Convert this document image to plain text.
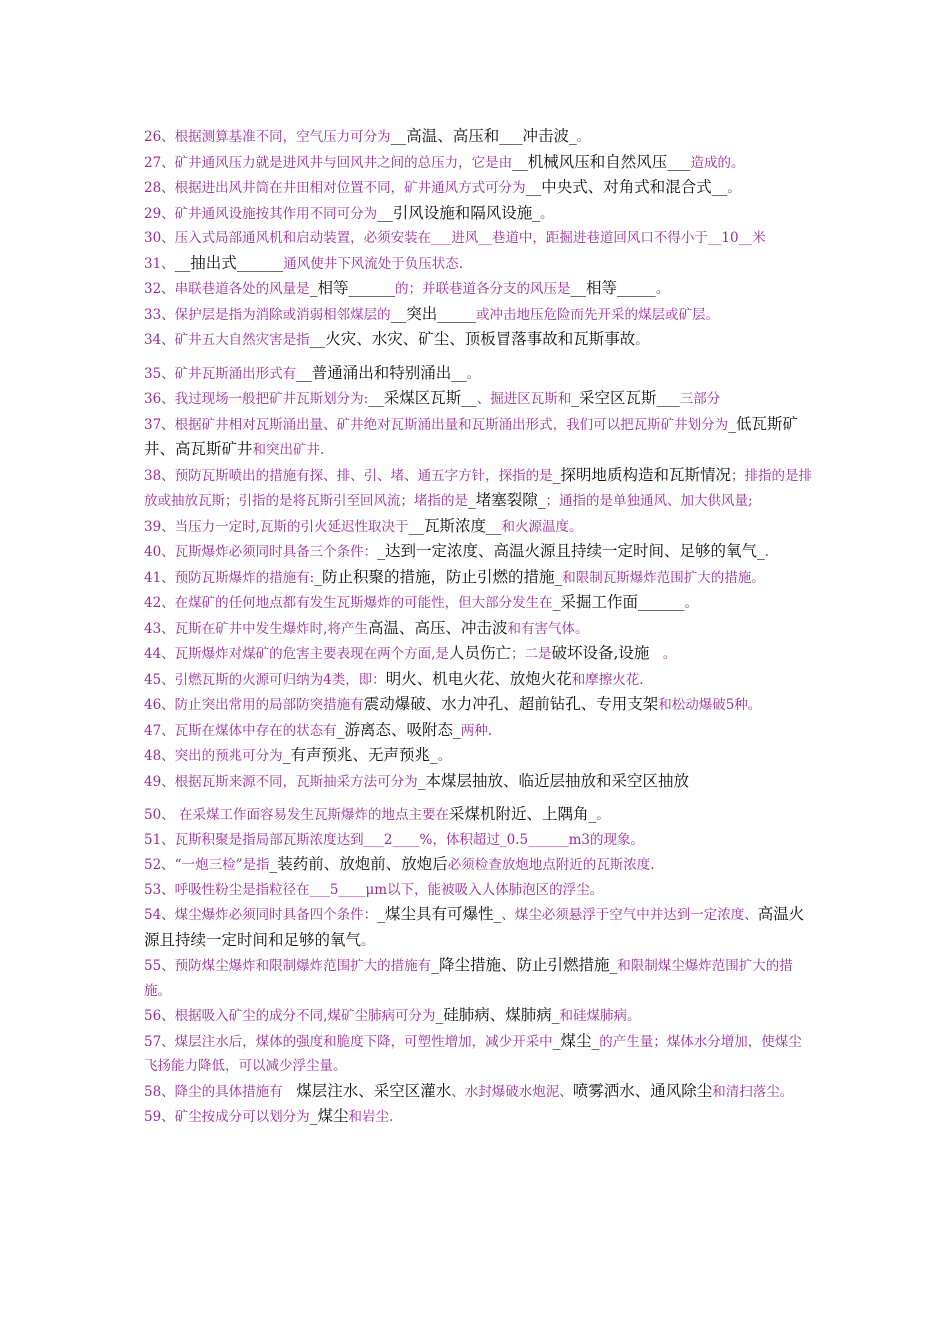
26、根据测算基准不同，空气压力可分为__高温、高压和___冲击波_。

27、矿井通风压力就是进风井与回风井之间的总压力，它是由__机械风压和自然风压___造成的。

28、根据进出风井筒在井田相对位置不同，矿井通风方式可分为__中央式、对角式和混合式__。

29、矿井通风设施按其作用不同可分为__引风设施和隔风设施_。

30、压入式局部通风机和启动装置，必须安装在___进风__巷道中，距掘进巷道回风口不得小于__10__米

31、__抽出式______通风使井下风流处于负压状态.

32、串联巷道各处的风量是_相等______的；并联巷道各分支的风压是__相等_____。

33、保护层是指为消除或消弱相邻煤层的__突出_____或冲击地压危险而先开采的煤层或矿层。

34、矿井五大自然灾害是指__火灾、水灾、矿尘、顶板冒落事故和瓦斯事故。

35、矿井瓦斯涌出形式有__普通涌出和特别涌出__。

36、我过现场一般把矿井瓦斯划分为:__采煤区瓦斯__、掘进区瓦斯和_采空区瓦斯___三部分

37、根据矿井相对瓦斯涌出量、矿井绝对瓦斯涌出量和瓦斯涌出形式，我们可以把瓦斯矿井划分为_低瓦斯矿井、高瓦斯矿井和突出矿井.

38、预防瓦斯喷出的措施有探、排、引、堵、通五字方针，探指的是_探明地质构造和瓦斯情况；排指的是排放或抽放瓦斯；引指的是将瓦斯引至回风流；堵指的是_堵塞裂隙_；通指的是单独通风、加大供风量;

39、当压力一定时,瓦斯的引火延迟性取决于__瓦斯浓度__和火源温度。

40、瓦斯爆炸必须同时具备三个条件：_达到一定浓度、高温火源且持续一定时间、足够的氧气_.

41、预防瓦斯爆炸的措施有:_防止积聚的措施，防止引燃的措施_和限制瓦斯爆炸范围扩大的措施。

42、在煤矿的任何地点都有发生瓦斯爆炸的可能性，但大部分发生在_采掘工作面______。

43、瓦斯在矿井中发生爆炸时,将产生高温、高压、冲击波和有害气体。

44、瓦斯爆炸对煤矿的危害主要表现在两个方面,是人员伤亡；二是破坏设备,设施　。

45、引燃瓦斯的火源可归纳为4类，即：明火、机电火花、放炮火花和摩擦火花.

46、防止突出常用的局部防突措施有震动爆破、水力冲孔、超前钻孔、专用支架和松动爆破5种。

47、瓦斯在煤体中存在的状态有_游离态、吸附态_两种.

48、突出的预兆可分为_有声预兆、无声预兆_。

49、根据瓦斯来源不同，瓦斯抽采方法可分为_本煤层抽放、临近层抽放和采空区抽放

50、 在采煤工作面容易发生瓦斯爆炸的地点主要在采煤机附近、上隅角_。

51、瓦斯积聚是指局部瓦斯浓度达到___2____%，体积超过_0.5______m3的现象。

52、“一炮三检”是指_装药前、放炮前、放炮后必须检查放炮地点附近的瓦斯浓度.

53、呼吸性粉尘是指粒径在___5____μm以下，能被吸入人体肺泡区的浮尘。

54、煤尘爆炸必须同时具备四个条件：_煤尘具有可爆性_、煤尘必须悬浮于空气中并达到一定浓度、高温火源且持续一定时间和足够的氧气。

55、预防煤尘爆炸和限制爆炸范围扩大的措施有_降尘措施、防止引燃措施_和限制煤尘爆炸范围扩大的措施。

56、根据吸入矿尘的成分不同,煤矿尘肺病可分为_硅肺病、煤肺病_和硅煤肺病。

57、煤层注水后，煤体的强度和脆度下降，可塑性增加，减少开采中_煤尘_的产生量；煤体水分增加，使煤尘飞扬能力降低，可以减少浮尘量。

58、降尘的具体措施有　煤层注水、采空区灌水、水封爆破水炮泥、喷雾洒水、通风除尘和清扫落尘。

59、矿尘按成分可以划分为_煤尘和岩尘.
